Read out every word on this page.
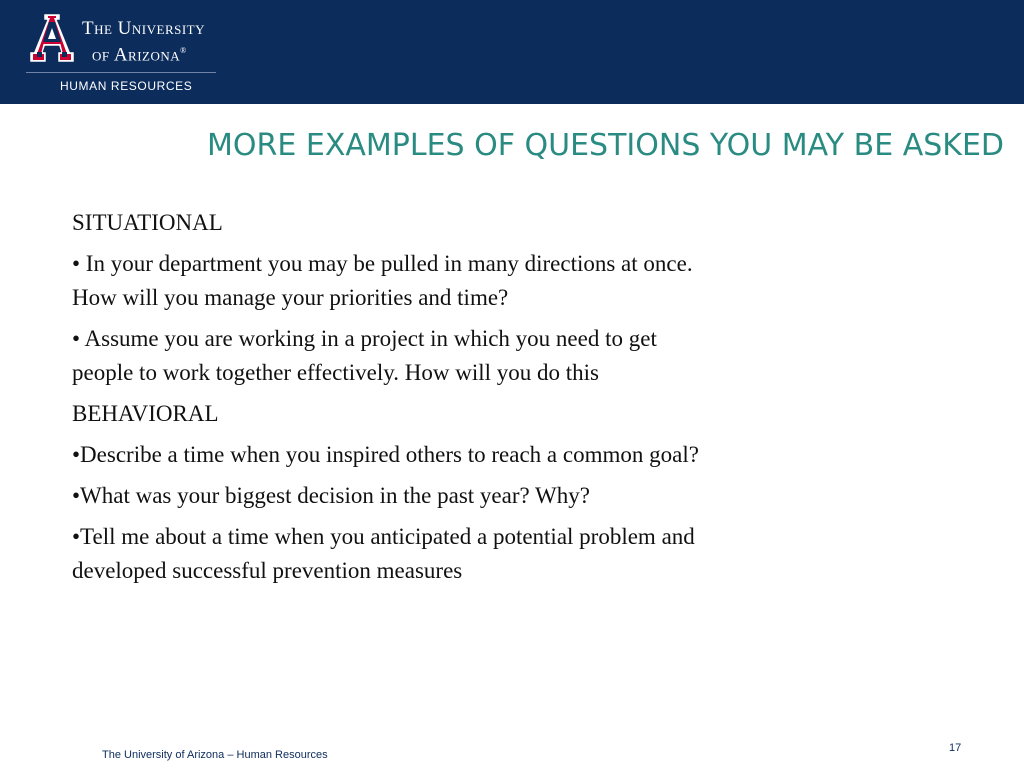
The University
of Arizona®
HUMAN RESOURCES
MORE EXAMPLES OF QUESTIONS YOU MAY BE ASKED

SITUATIONAL

• In your department you may be pulled in many directions at once.
How will you manage your priorities and time?

• Assume you are working in a project in which you need to get
people to work together effectively. How will you do this

BEHAVIORAL

•Describe a time when you inspired others to reach a common goal?

•What was your biggest decision in the past year? Why?

•Tell me about a time when you anticipated a potential problem and
developed successful prevention measures

The University of Arizona – Human Resources
17
